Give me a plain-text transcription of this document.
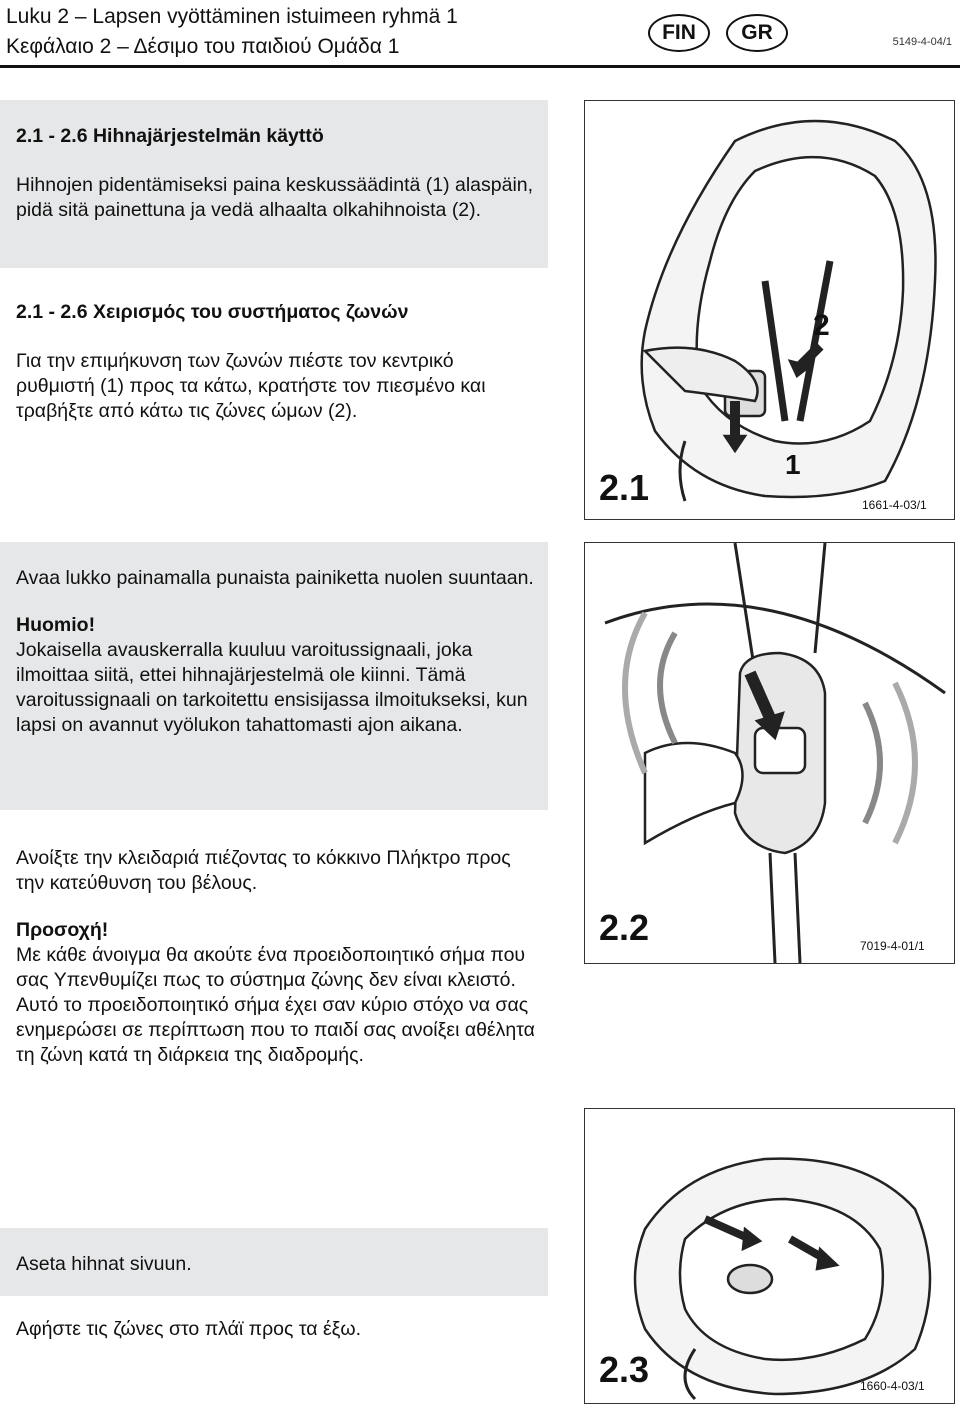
Luku 2 – Lapsen vyöttäminen istuimeen ryhmä 1
Κεφάλαιο 2 – Δέσιμο του παιδιού Ομάδα 1
FIN	GR	5149-4-04/1

2.1 - 2.6 Hihnajärjestelmän käyttö

Hihnojen pidentämiseksi paina keskussäädintä (1) alaspäin, pidä sitä painettuna ja vedä alhaalta olkahihnoista (2).

2.1 - 2.6 Χειρισμός του συστήματος ζωνών

Για την επιμήκυνση των ζωνών πιέστε τον κεντρικό ρυθμιστή (1) προς τα κάτω, κρατήστε τον πιεσμένο και τραβήξτε από κάτω τις ζώνες ώμων (2).

2
1
2.1	1661-4-03/1

Avaa lukko painamalla punaista painiketta nuolen suuntaan.

Huomio!

Jokaisella avauskerralla kuuluu varoitussignaali, joka ilmoittaa siitä, ettei hihnajärjestelmä ole kiinni. Tämä varoitussignaali on tarkoitettu ensisijassa ilmoitukseksi, kun lapsi on avannut vyölukon tahattomasti ajon aikana.

Ανοίξτε την κλειδαριά πιέζοντας το κόκκινο Πλήκτρο προς την κατεύθυνση του βέλους.

Προσοχή!

Με κάθε άνοιγμα θα ακούτε ένα προειδοποιητικό σήμα που σας Υπενθυμίζει πως το σύστημα ζώνης δεν είναι κλειστό. Αυτό το προειδοποιητικό σήμα έχει σαν κύριο στόχο να σας ενημερώσει σε περίπτωση που το παιδί σας ανοίξει αθέλητα τη ζώνη κατά τη διάρκεια της διαδρομής.

2.2	7019-4-01/1

Aseta hihnat sivuun.

Αφήστε τις ζώνες στο πλάϊ προς τα έξω.

2.3	1660-4-03/1
